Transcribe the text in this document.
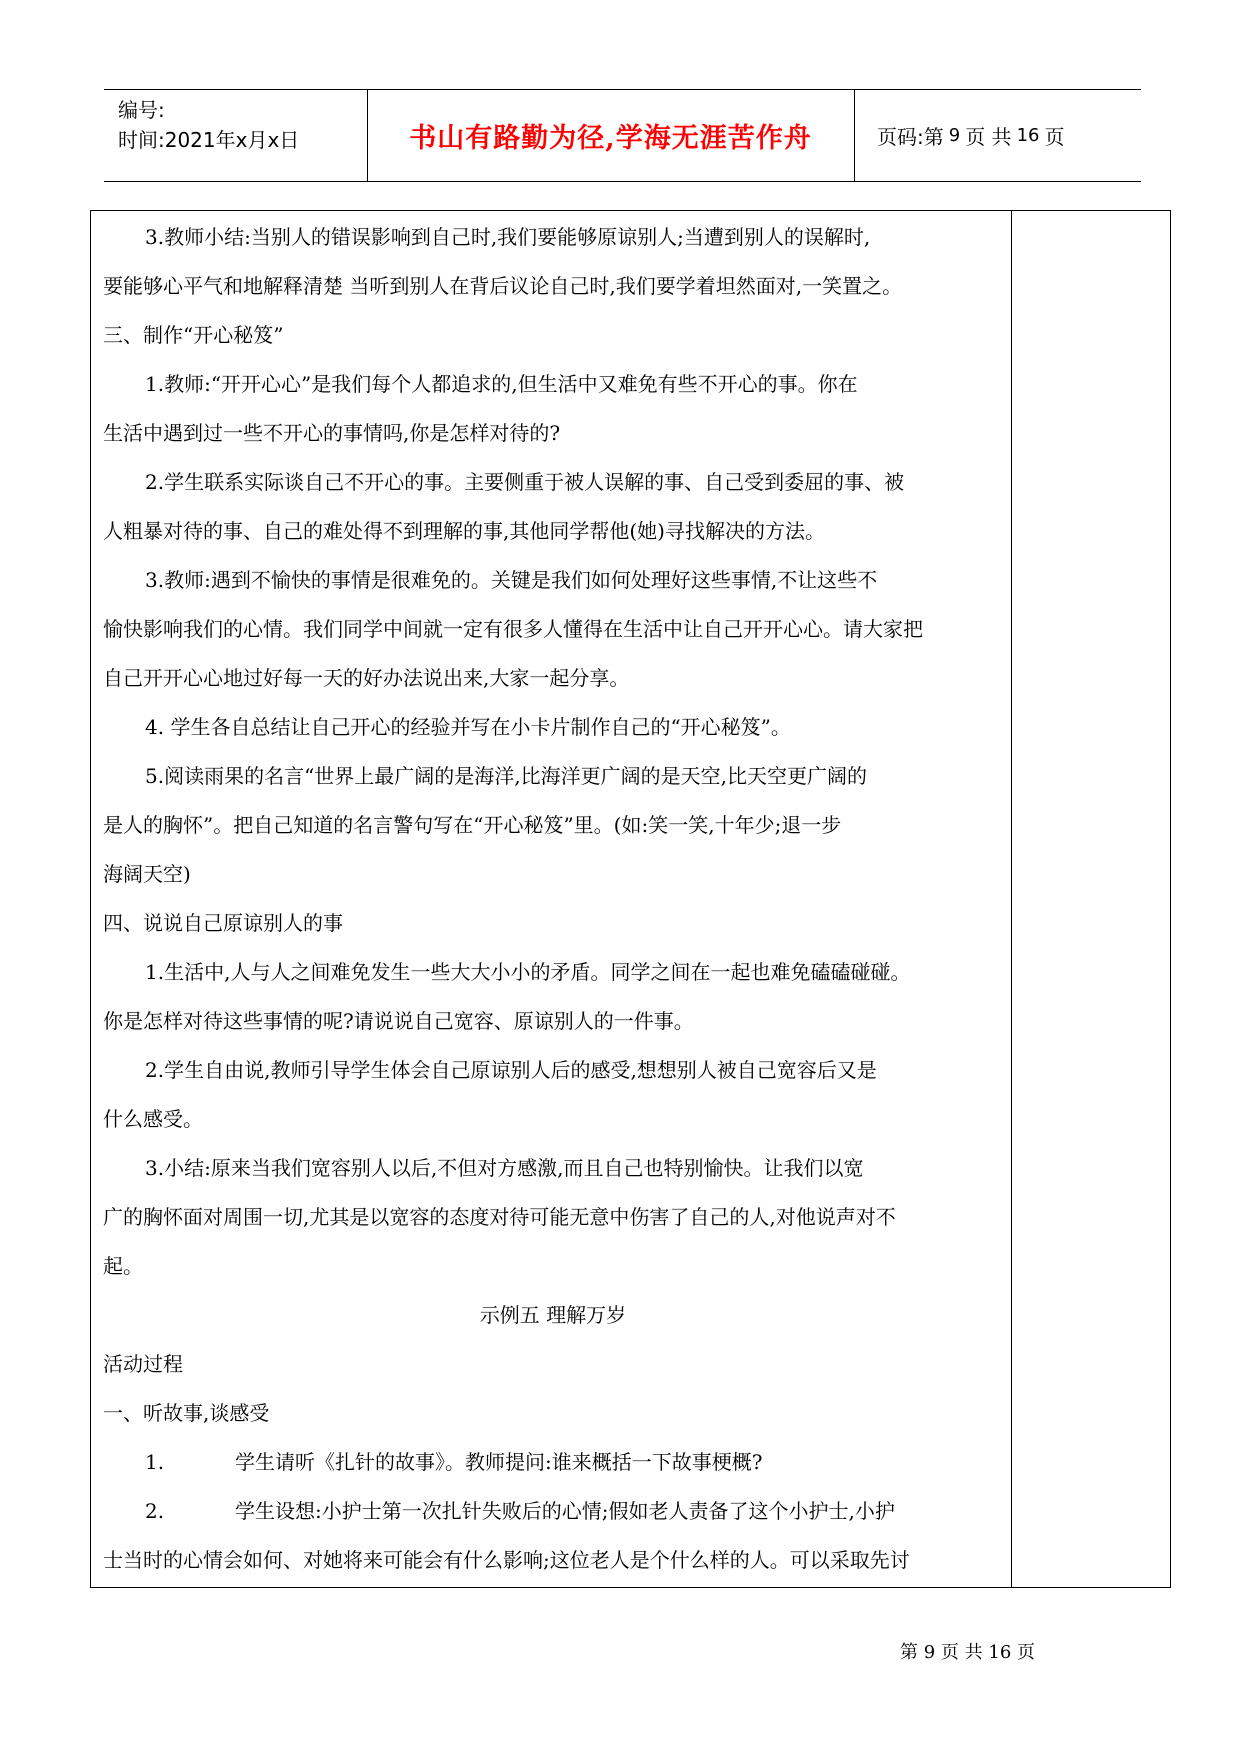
编号:
时间:2021年x月x日	书山有路勤为径,学海无涯苦作舟	页码:第 9 页 共 16 页

3.教师小结:当别人的错误影响到自己时,我们要能够原谅别人;当遭到别人的误解时,

要能够心平气和地解释清楚 当听到别人在背后议论自己时,我们要学着坦然面对,一笑置之。

三、制作“开心秘笈”

1.教师:“开开心心”是我们每个人都追求的,但生活中又难免有些不开心的事。你在

生活中遇到过一些不开心的事情吗,你是怎样对待的?

2.学生联系实际谈自己不开心的事。主要侧重于被人误解的事、自己受到委屈的事、被

人粗暴对待的事、自己的难处得不到理解的事,其他同学帮他(她)寻找解决的方法。

3.教师:遇到不愉快的事情是很难免的。关键是我们如何处理好这些事情,不让这些不

愉快影响我们的心情。我们同学中间就一定有很多人懂得在生活中让自己开开心心。请大家把

自己开开心心地过好每一天的好办法说出来,大家一起分享。

4. 学生各自总结让自己开心的经验并写在小卡片制作自己的“开心秘笈”。

5.阅读雨果的名言“世界上最广阔的是海洋,比海洋更广阔的是天空,比天空更广阔的

是人的胸怀”。把自己知道的名言警句写在“开心秘笈”里。(如:笑一笑,十年少;退一步

海阔天空)

四、说说自己原谅别人的事

1.生活中,人与人之间难免发生一些大大小小的矛盾。同学之间在一起也难免磕磕碰碰。

你是怎样对待这些事情的呢?请说说自己宽容、原谅别人的一件事。

2.学生自由说,教师引导学生体会自己原谅别人后的感受,想想别人被自己宽容后又是

什么感受。

3.小结:原来当我们宽容别人以后,不但对方感激,而且自己也特别愉快。让我们以宽

广的胸怀面对周围一切,尤其是以宽容的态度对待可能无意中伤害了自己的人,对他说声对不

起。

示例五 理解万岁

活动过程

一、听故事,谈感受

1.	学生请听《扎针的故事》。教师提问:谁来概括一下故事梗概?

2.	学生设想:小护士第一次扎针失败后的心情;假如老人责备了这个小护士,小护

士当时的心情会如何、对她将来可能会有什么影响;这位老人是个什么样的人。可以采取先讨

第 9 页 共 16 页
